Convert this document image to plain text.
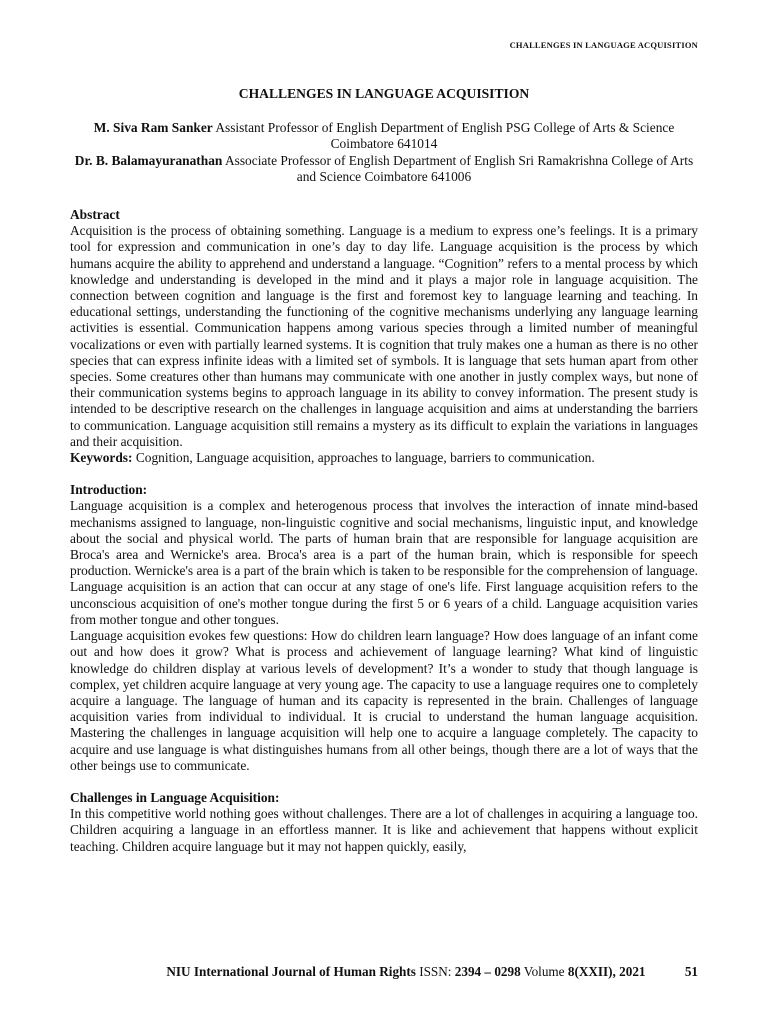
CHALLENGES IN LANGUAGE ACQUISITION
CHALLENGES IN LANGUAGE ACQUISITION

M. Siva Ram Sanker Assistant Professor of English Department of English PSG College of Arts & Science Coimbatore 641014

Dr. B. Balamayuranathan Associate Professor of English Department of English Sri Ramakrishna College of Arts and Science Coimbatore 641006

Abstract

Acquisition is the process of obtaining something. Language is a medium to express one’s feelings. It is a primary tool for expression and communication in one’s day to day life. Language acquisition is the process by which humans acquire the ability to apprehend and understand a language. “Cognition” refers to a mental process by which knowledge and understanding is developed in the mind and it plays a major role in language acquisition. The connection between cognition and language is the first and foremost key to language learning and teaching. In educational settings, understanding the functioning of the cognitive mechanisms underlying any language learning activities is essential. Communication happens among various species through a limited number of meaningful vocalizations or even with partially learned systems. It is cognition that truly makes one a human as there is no other species that can express infinite ideas with a limited set of symbols. It is language that sets human apart from other species. Some creatures other than humans may communicate with one another in justly complex ways, but none of their communication systems begins to approach language in its ability to convey information. The present study is intended to be descriptive research on the challenges in language acquisition and aims at understanding the barriers to communication. Language acquisition still remains a mystery as its difficult to explain the variations in languages and their acquisition.

Keywords: Cognition, Language acquisition, approaches to language, barriers to communication.

Introduction:

Language acquisition is a complex and heterogenous process that involves the interaction of innate mind-based mechanisms assigned to language, non-linguistic cognitive and social mechanisms, linguistic input, and knowledge about the social and physical world. The parts of human brain that are responsible for language acquisition are Broca's area and Wernicke's area. Broca's area is a part of the human brain, which is responsible for speech production. Wernicke's area is a part of the brain which is taken to be responsible for the comprehension of language. Language acquisition is an action that can occur at any stage of one's life. First language acquisition refers to the unconscious acquisition of one's mother tongue during the first 5 or 6 years of a child. Language acquisition varies from mother tongue and other tongues.

Language acquisition evokes few questions: How do children learn language? How does language of an infant come out and how does it grow? What is process and achievement of language learning? What kind of linguistic knowledge do children display at various levels of development? It’s a wonder to study that though language is complex, yet children acquire language at very young age. The capacity to use a language requires one to completely acquire a language. The language of human and its capacity is represented in the brain. Challenges of language acquisition varies from individual to individual. It is crucial to understand the human language acquisition. Mastering the challenges in language acquisition will help one to acquire a language completely. The capacity to acquire and use language is what distinguishes humans from all other beings, though there are a lot of ways that the other beings use to communicate.

Challenges in Language Acquisition:

In this competitive world nothing goes without challenges. There are a lot of challenges in acquiring a language too. Children acquiring a language in an effortless manner. It is like and achievement that happens without explicit teaching. Children acquire language but it may not happen quickly, easily,

NIU International Journal of Human Rights ISSN: 2394 – 0298 Volume 8(XXII), 2021	51
